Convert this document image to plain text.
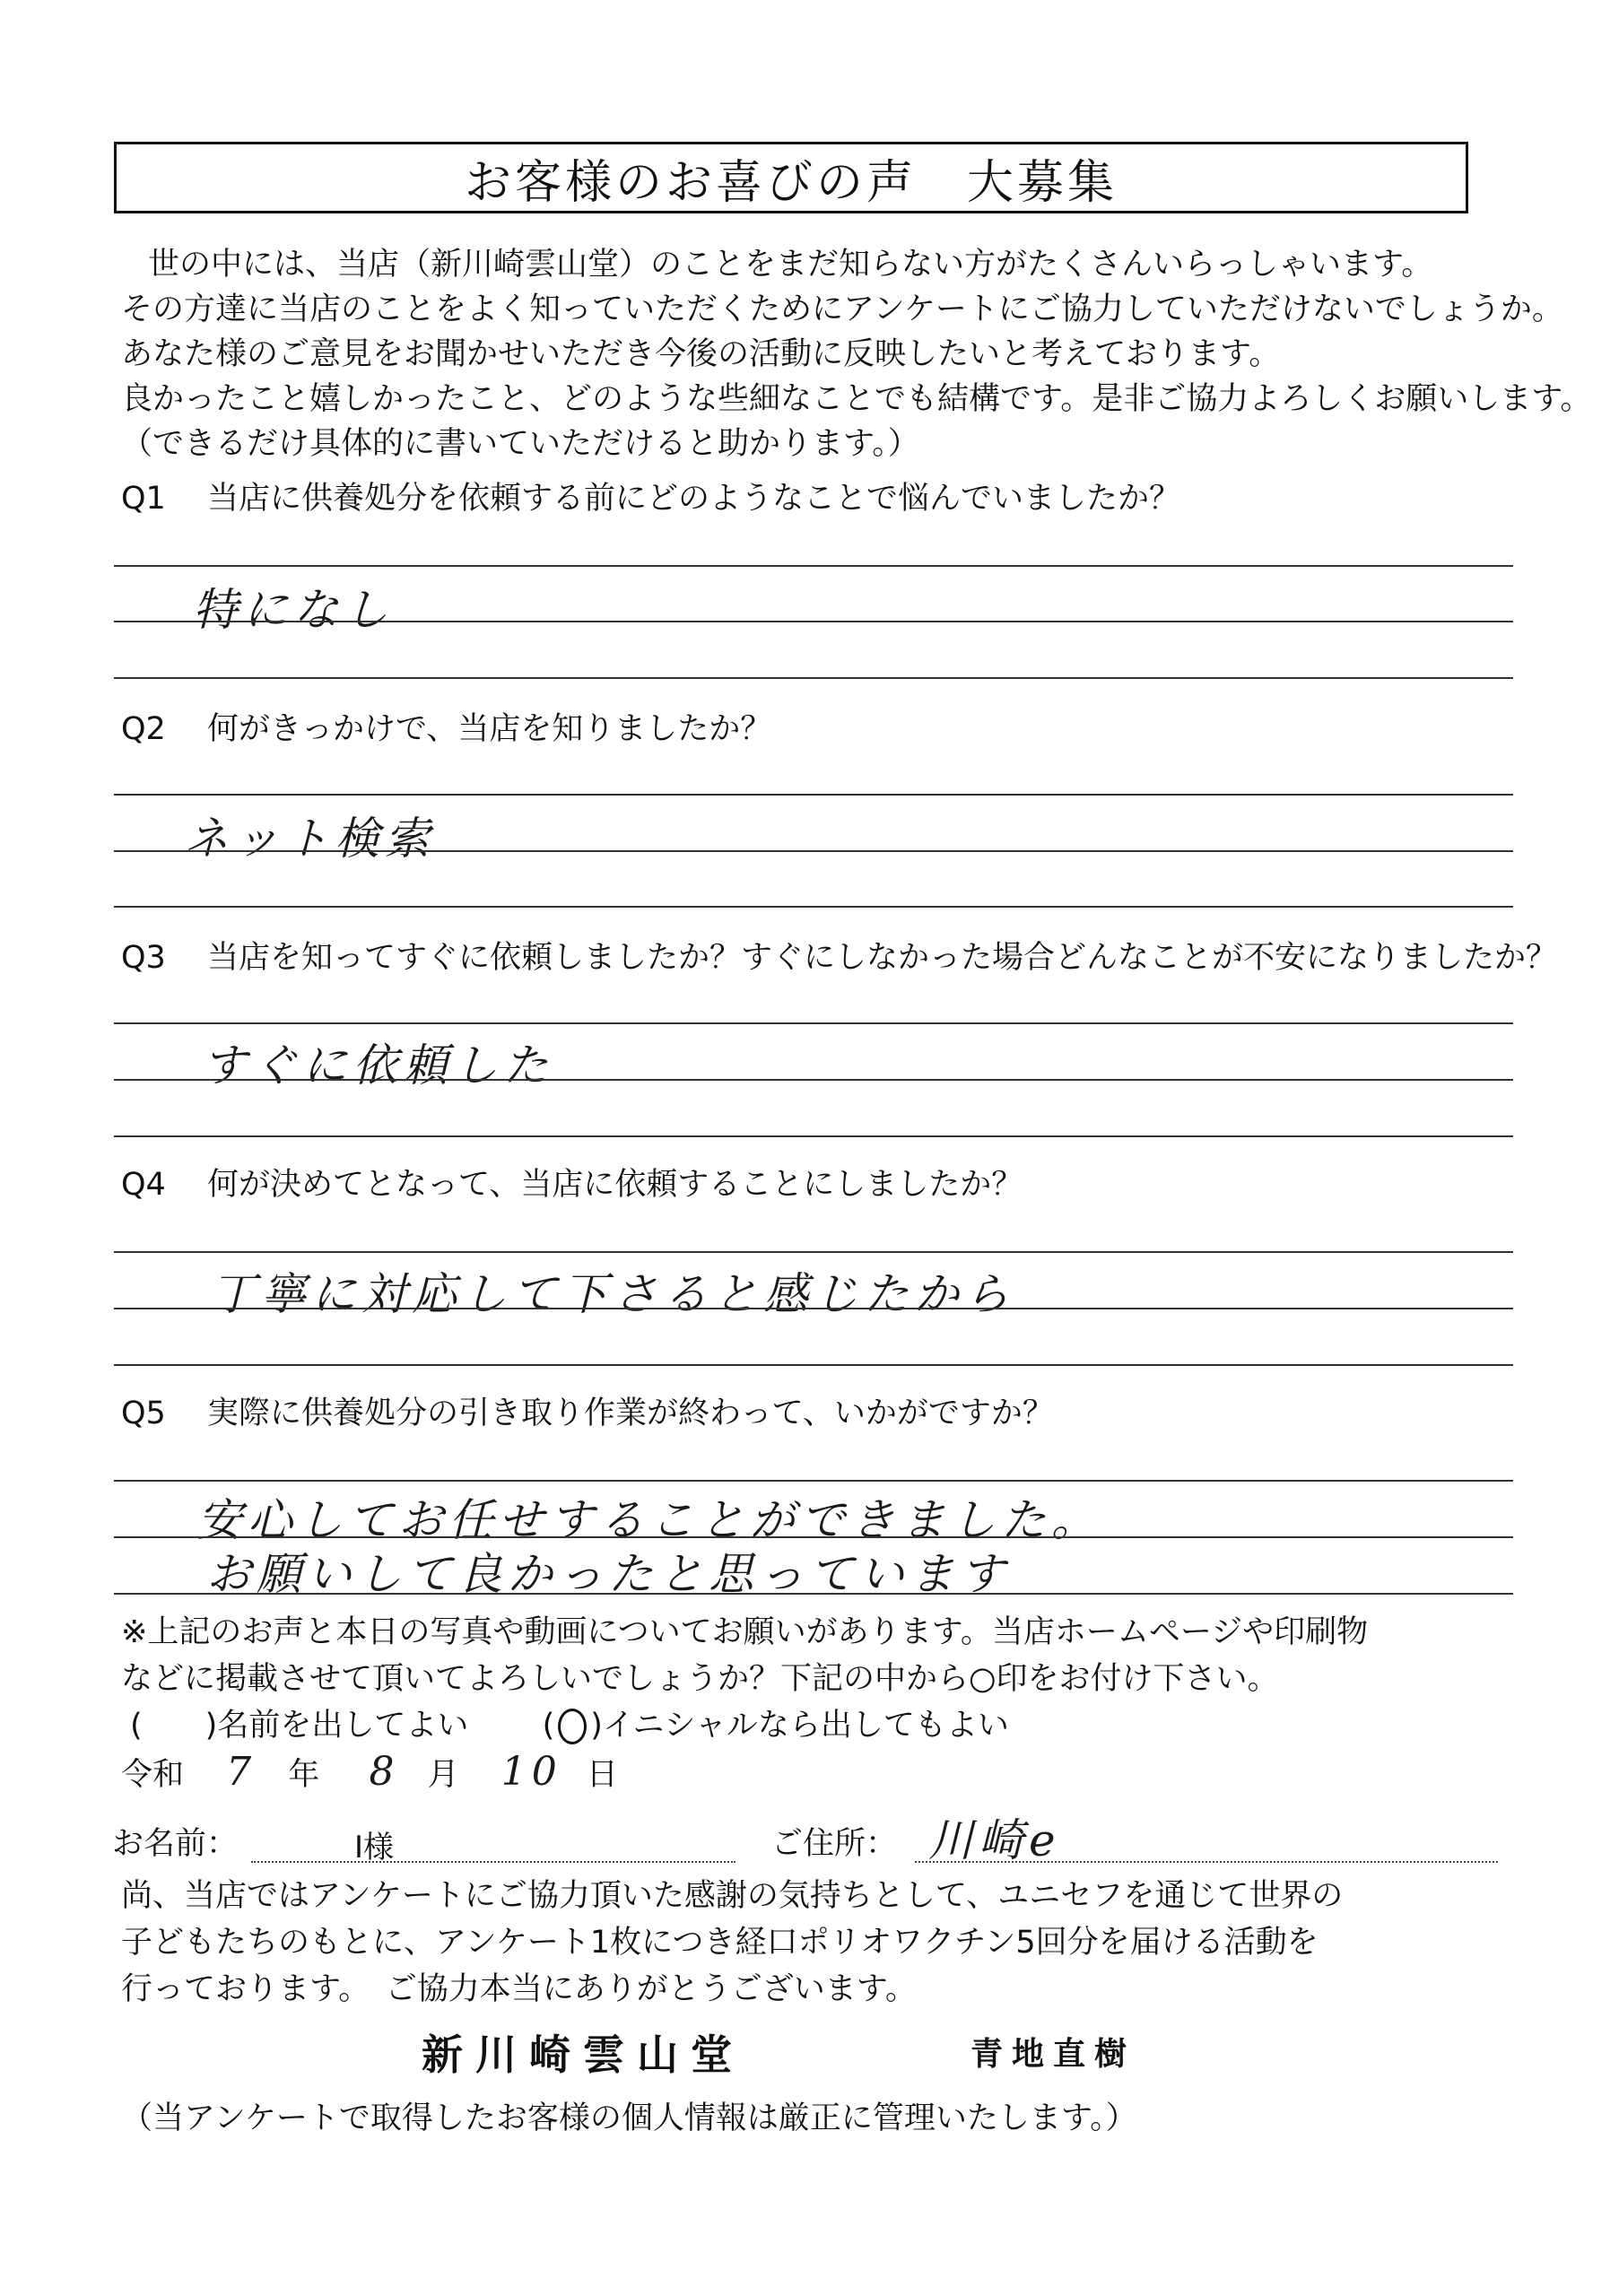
お客様のお喜びの声　大募集
世の中には、当店（新川崎雲山堂）のことをまだ知らない方がたくさんいらっしゃいます。
その方達に当店のことをよく知っていただくためにアンケートにご協力していただけないでしょうか。
あなた様のご意見をお聞かせいただき今後の活動に反映したいと考えております。
良かったこと嬉しかったこと、どのような些細なことでも結構です。是非ご協力よろしくお願いします。
（できるだけ具体的に書いていただけると助かります。）
Q1　 当店に供養処分を依頼する前にどのようなことで悩んでいましたか？
特になし
Q2　 何がきっかけで、当店を知りましたか？
ネット検索
Q3　 当店を知ってすぐに依頼しましたか？すぐにしなかった場合どんなことが不安になりましたか？
すぐに依頼した
Q4　 何が決めてとなって、当店に依頼することにしましたか？
丁寧に対応して下さると感じたから
Q5　 実際に供養処分の引き取り作業が終わって、いかがですか？
安心してお任せすることができました。
お願いして良かったと思っています
※上記のお声と本日の写真や動画についてお願いがあります。当店ホームページや印刷物
などに掲載させて頂いてよろしいでしょうか？下記の中から○印をお付け下さい。
(　　)名前を出してよい ( ○ )イニシャルなら出してもよい
令和 7 年 8 月 10 日
お名前：	I様	ご住所： 川崎e
尚、当店ではアンケートにご協力頂いた感謝の気持ちとして、ユニセフを通じて世界の
子どもたちのもとに、アンケート1枚につき経口ポリオワクチン5回分を届ける活動を
行っております。　ご協力本当にありがとうございます。
新川崎雲山堂	青地直樹
（当アンケートで取得したお客様の個人情報は厳正に管理いたします。）
